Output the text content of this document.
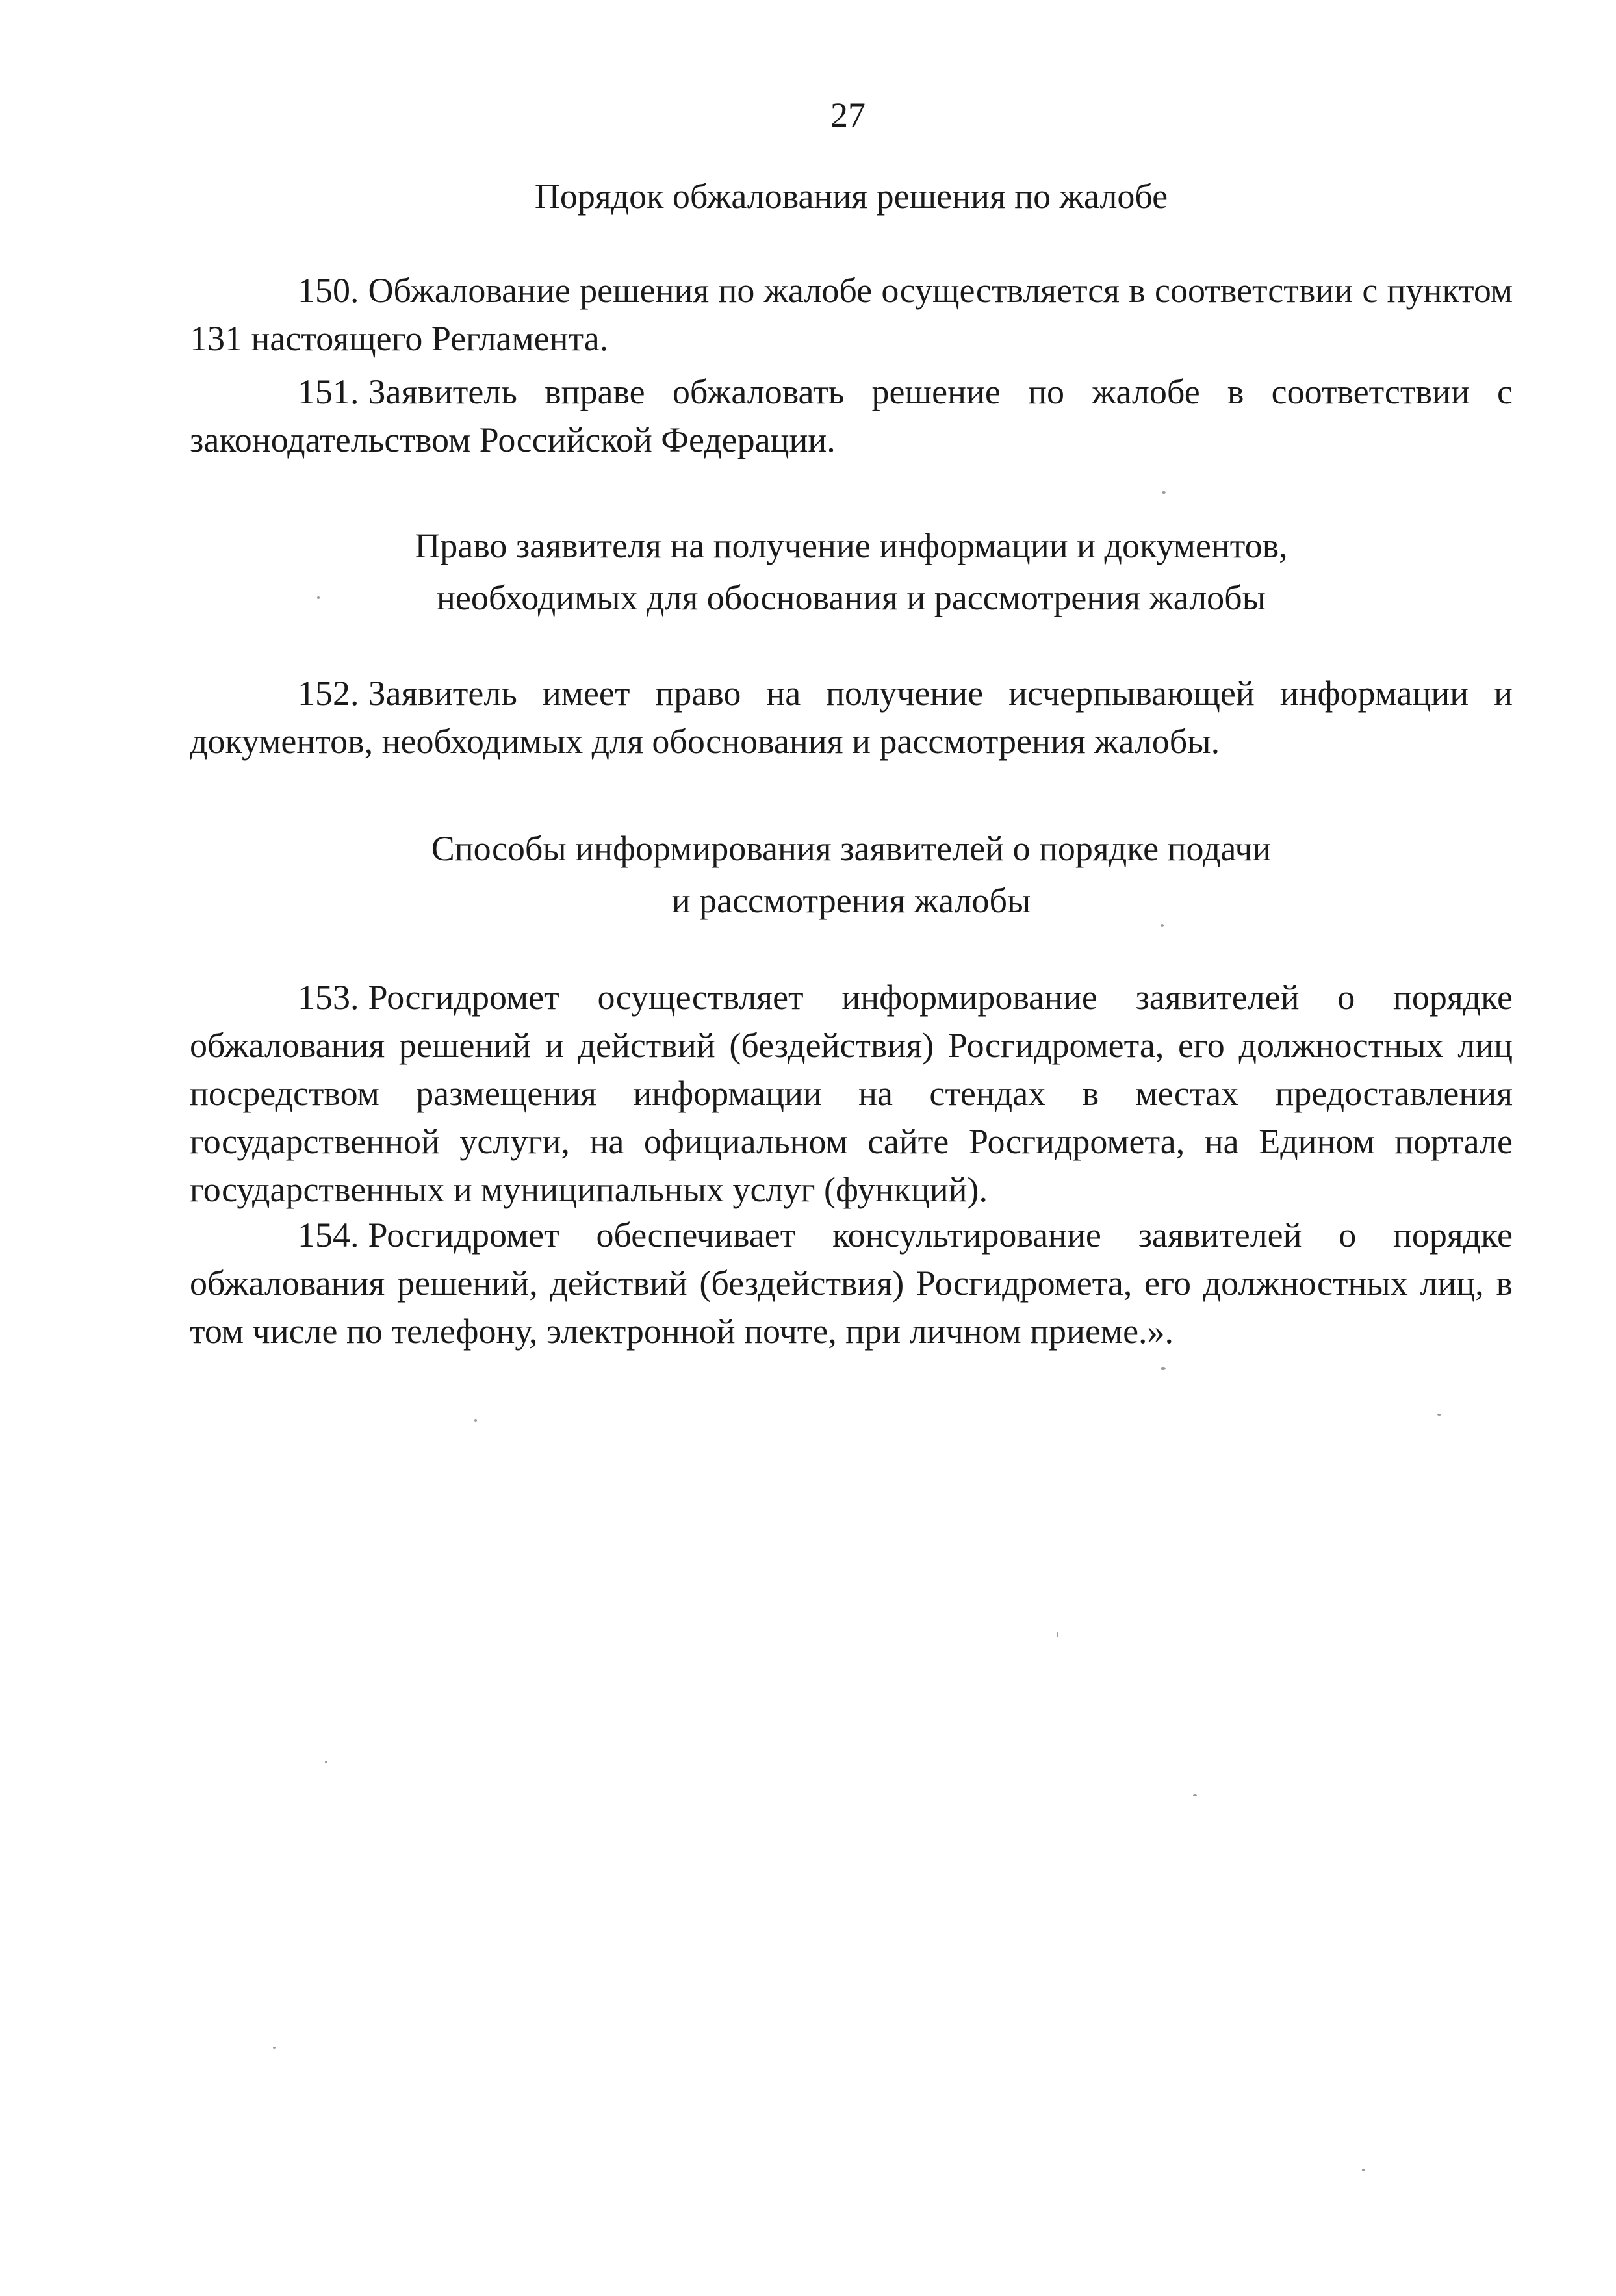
27
Порядок обжалования решения по жалобе

150. Обжалование решения по жалобе осуществляется в соответствии с пунктом 131 настоящего Регламента.

151. Заявитель вправе обжаловать решение по жалобе в соответствии с законодательством Российской Федерации.

Право заявителя на получение информации и документов,
необходимых для обоснования и рассмотрения жалобы

152. Заявитель имеет право на получение исчерпывающей информации и документов, необходимых для обоснования и рассмотрения жалобы.

Способы информирования заявителей о порядке подачи
и рассмотрения жалобы

153. Росгидромет осуществляет информирование заявителей о порядке обжалования решений и действий (бездействия) Росгидромета, его должностных лиц посредством размещения информации на стендах в местах предоставления государственной услуги, на официальном сайте Росгидромета, на Едином портале государственных и муниципальных услуг (функций).

154. Росгидромет обеспечивает консультирование заявителей о порядке обжалования решений, действий (бездействия) Росгидромета, его должностных лиц, в том числе по телефону, электронной почте, при личном приеме.».
